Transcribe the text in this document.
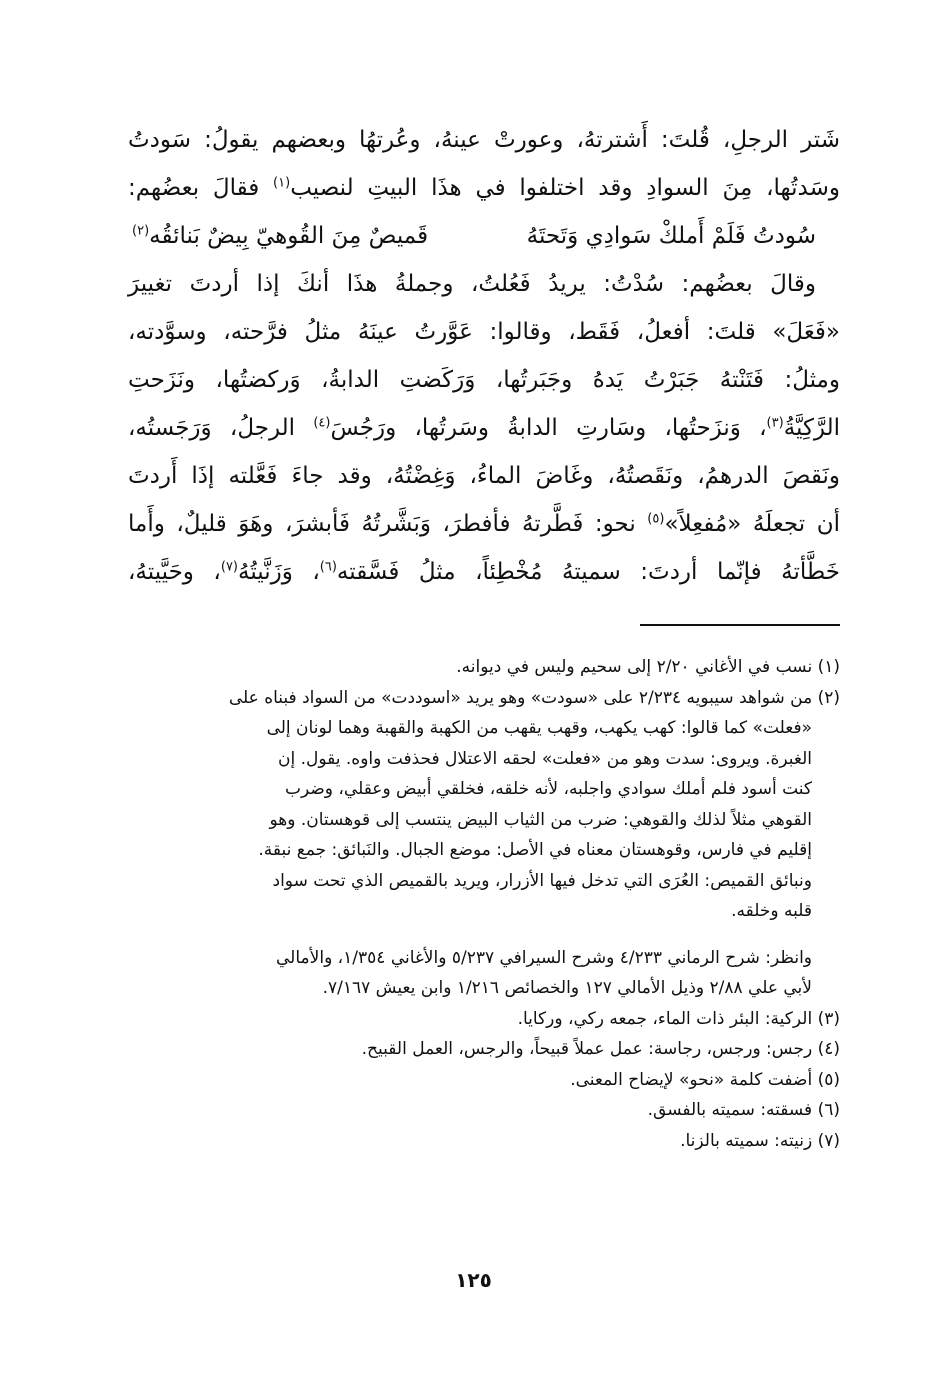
شَتر الرجلِ، قُلتَ: أَشترتهُ، وعورتْ عينهُ، وعُرتهُا وبعضهم يقولُ: سَودتُ
وسَدتُها، مِنَ السوادِ وقد اختلفوا في هذَا البيتِ لنصيب$^{(١)}$ فقالَ بعضُهم:
سُودتُ فَلَمْ أَملكْ سَوادِي وَتَحتَهُ
قَميصٌ مِنَ القُوهيّ بِيضٌ بَنائقُه$^{(٢)}$
وقالَ بعضُهم: سُدْتُ: يريدُ فَعُلتُ، وجملةُ هذَا أنكَ إذا أردتَ تغييرَ
«فَعَلَ» قلتَ: أفعلُ، فَقَط، وقالوا: عَوَّرتُ عينَهُ مثلُ فرَّحته، وسوَّدته،
ومثلُ: فَتَنْتهُ جَبَرْتُ يَدهُ وجَبَرتُها، وَرَكَضتِ الدابةُ، وَركضتُها، ونَزَحتِ
الرَّكِيَّةُ$^{(٣)}$، وَنزَحتُها، وسَارتِ الدابةُ وسَرتُها، ورَجُسَ$^{(٤)}$ الرجلُ، وَرَجَستُه،
ونَقصَ الدرهمُ، ونَقَصتُهُ، وغَاضَ الماءُ، وَغِضْتُهُ، وقد جاءَ فَعَّلته إذَا أَردتَ
أن تجعلَهُ «مُفعِلاً»$^{(٥)}$ نحو: فَطَّرتهُ فأفطرَ، وَبَشَّرتُهُ فَأبشرَ، وهَوَ قليلٌ، وأَما
خَطَّأتهُ فإنّما أردتَ: سميتهُ مُخْطِئاً، مثلُ فَسَّقته$^{(٦)}$، وَزَنَّيتُهُ$^{(٧)}$، وحَيَّيتهُ،

(١) نسب في الأغاني ٢/٢٠ إلى سحيم وليس في ديوانه.

(٢) من شواهد سيبويه ٢/٢٣٤ على «سودت» وهو يريد «اسوددت» من السواد فبناه على
«فعلت» كما قالوا: كهب يكهب، وقهب يقهب من الكهبة والقهبة وهما لونان إلى
الغبرة. ويروى: سدت وهو من «فعلت» لحقه الاعتلال فحذفت واوه. يقول. إن
كنت أسود فلم أملك سوادي واجلبه، لأنه خلقه، فخلقي أبيض وعقلي، وضرب
القوهي مثلاً لذلك والقوهي: ضرب من الثياب البيض ينتسب إلى قوهستان. وهو
إقليم في فارس، وقوهستان معناه في الأصل: موضع الجبال. والنَبائق: جمع نبقة.
ونبائق القميص: العُرَى التي تدخل فيها الأزرار، ويريد بالقميص الذي تحت سواد
قلبه وخلقه.
وانظر: شرح الرماني ٤/٢٣٣ وشرح السيرافي ٥/٢٣٧ والأغاني ١/٣٥٤، والأمالي
لأبي علي ٢/٨٨ وذيل الأمالي ١٢٧ والخصائص ١/٢١٦ وابن يعيش ٧/١٦٧.

(٣) الركية: البئر ذات الماء، جمعه ركي، وركايا.

(٤) رجس: ورجس، رجاسة: عمل عملاً قبيحاً، والرجس، العمل القبيح.

(٥) أضفت كلمة «نحو» لإيضاح المعنى.

(٦) فسقته: سميته بالفسق.

(٧) زنيته: سميته بالزنا.

١٢٥
